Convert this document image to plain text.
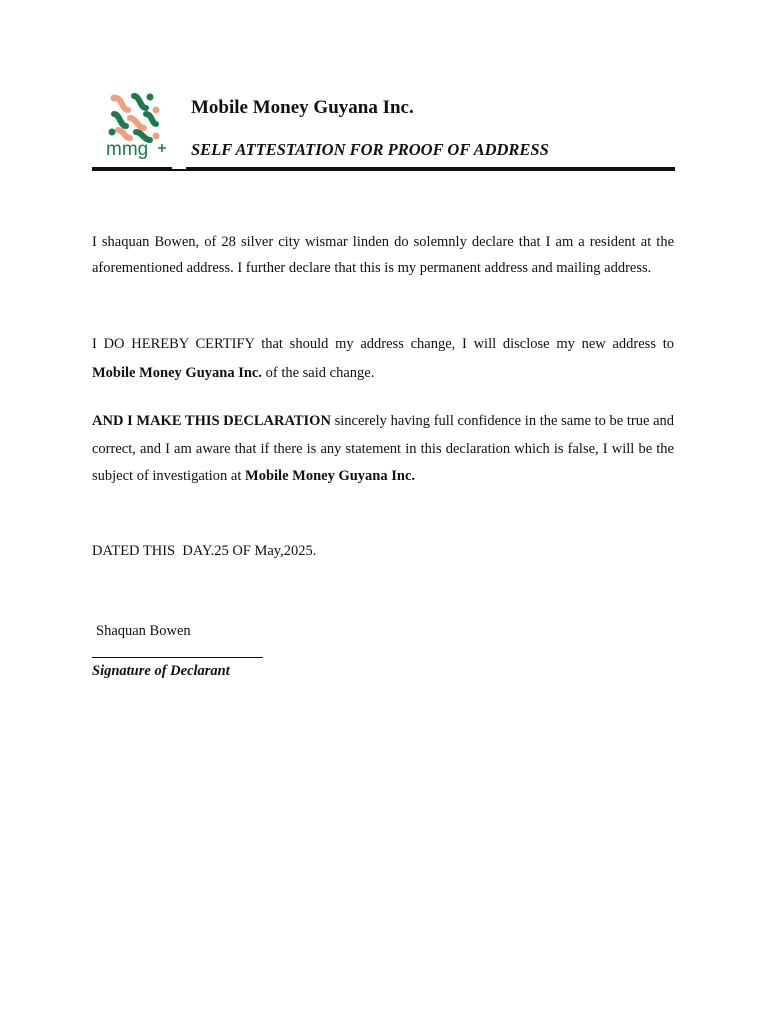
mmg
Mobile Money Guyana Inc.
SELF ATTESTATION FOR PROOF OF ADDRESS
I shaquan Bowen, of 28 silver city wismar linden do solemnly declare that I am a resident at the aforementioned address. I further declare that this is my permanent address and mailing address.
I DO HEREBY CERTIFY that should my address change, I will disclose my new address to Mobile Money Guyana Inc. of the said change.
AND I MAKE THIS DECLARATION sincerely having full confidence in the same to be true and correct, and I am aware that if there is any statement in this declaration which is false, I will be the subject of investigation at Mobile Money Guyana Inc.
DATED THIS  DAY.25 OF May,2025.
Shaquan Bowen
Signature of Declarant
